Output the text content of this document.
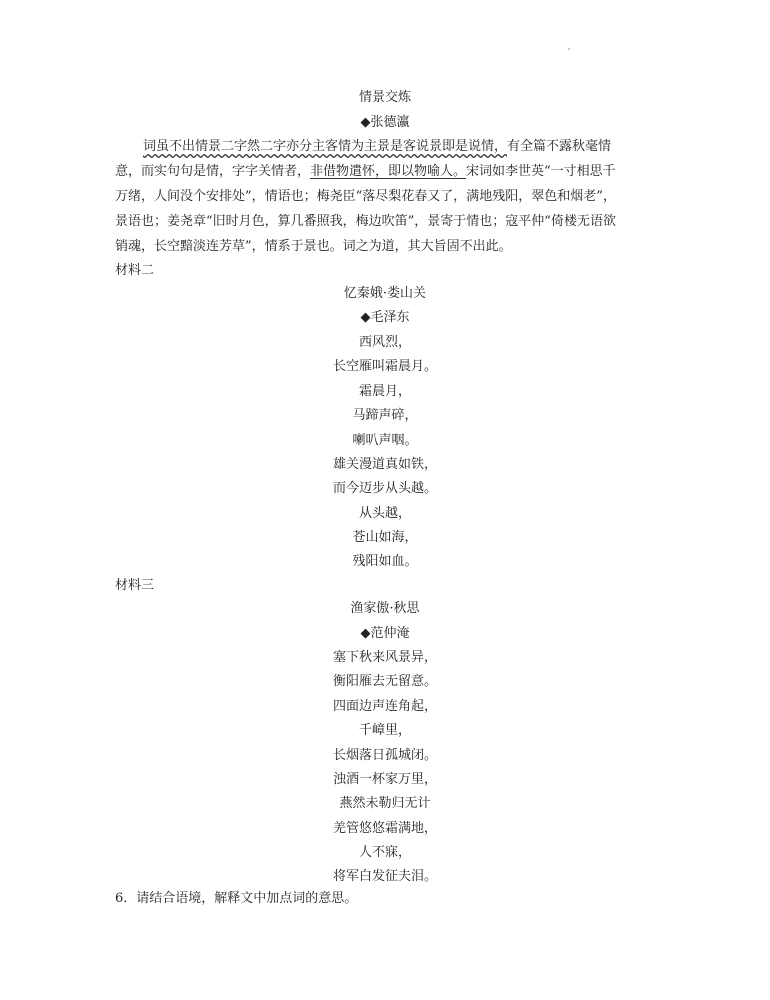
情景交炼
◆张德瀛
词虽不出情景二字然二字亦分主客情为主景是客说景即是说情，有全篇不露秋毫情
意，而实句句是情，字字关情者，非借物遣怀，即以物喻人。宋词如李世英“一寸相思千
万绪，人间没个安排处”，情语也；梅尧臣“落尽梨花春又了，满地残阳，翠色和烟老”，
景语也；姜尧章“旧时月色，算几番照我，梅边吹笛”，景寄于情也；寇平仲“倚楼无语欲
销魂，长空黯淡连芳草”，情系于景也。词之为道，其大旨固不出此。
材料二
忆秦娥·娄山关
◆毛泽东
西风烈，
长空雁叫霜晨月。
霜晨月，
马蹄声碎，
喇叭声咽。
雄关漫道真如铁，
而今迈步从头越。
从头越，
苍山如海，
残阳如血。
材料三
渔家傲·秋思
◆范仲淹
塞下秋来风景异，
衡阳雁去无留意。
四面边声连角起，
千嶂里，
长烟落日孤城闭。
浊酒一杯家万里，
燕然未勒归无计
羌管悠悠霜满地，
人不寐，
将军白发征夫泪。
6．请结合语境，解释文中加点词的意思。
